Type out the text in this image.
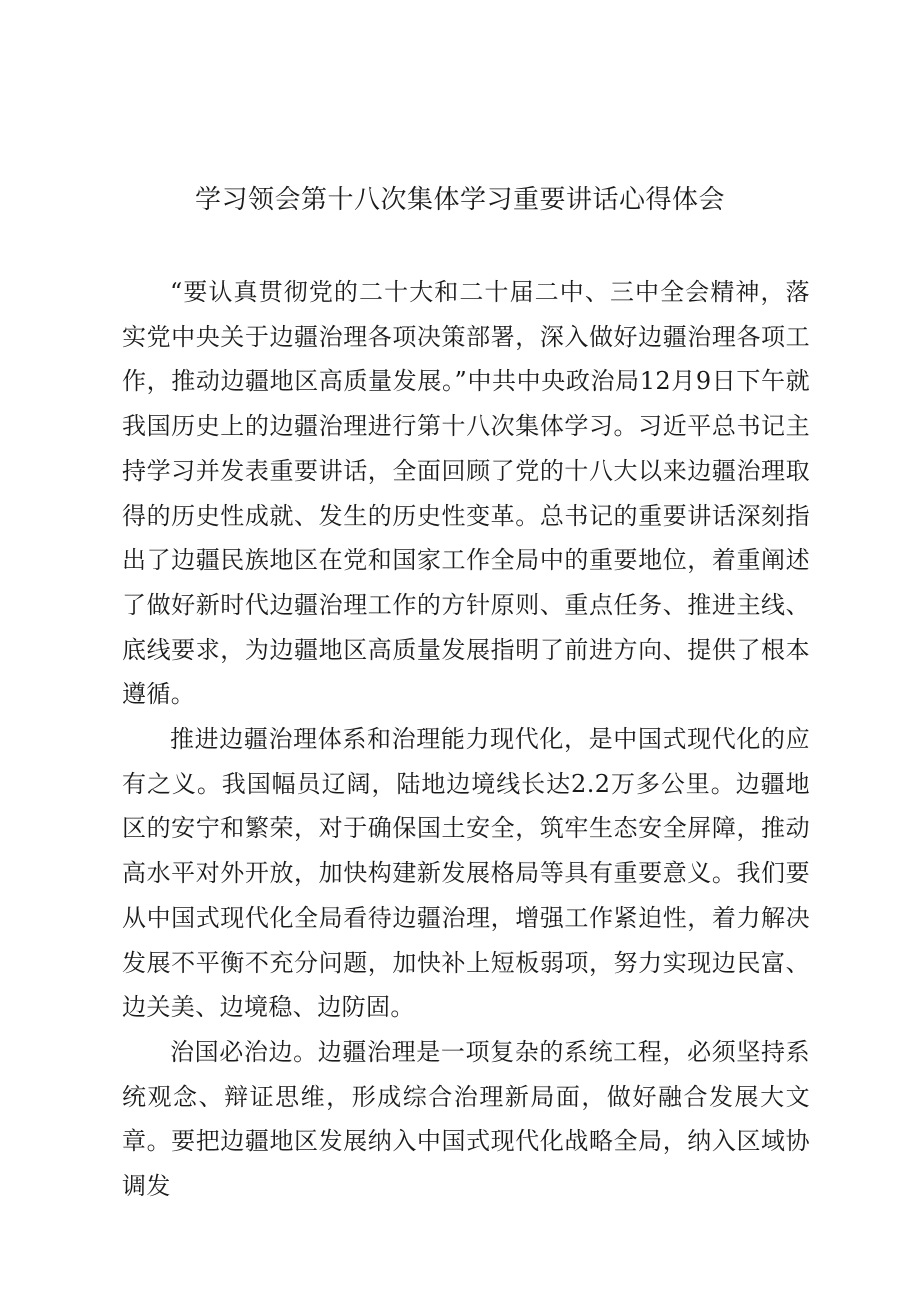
学习领会第十八次集体学习重要讲话心得体会

“要认真贯彻党的二十大和二十届二中、三中全会精神，落实党中央关于边疆治理各项决策部署，深入做好边疆治理各项工作，推动边疆地区高质量发展。”中共中央政治局12月9日下午就我国历史上的边疆治理进行第十八次集体学习。习近平总书记主持学习并发表重要讲话，全面回顾了党的十八大以来边疆治理取得的历史性成就、发生的历史性变革。总书记的重要讲话深刻指出了边疆民族地区在党和国家工作全局中的重要地位，着重阐述了做好新时代边疆治理工作的方针原则、重点任务、推进主线、底线要求，为边疆地区高质量发展指明了前进方向、提供了根本遵循。

推进边疆治理体系和治理能力现代化，是中国式现代化的应有之义。我国幅员辽阔，陆地边境线长达2.2万多公里。边疆地区的安宁和繁荣，对于确保国土安全，筑牢生态安全屏障，推动高水平对外开放，加快构建新发展格局等具有重要意义。我们要从中国式现代化全局看待边疆治理，增强工作紧迫性，着力解决发展不平衡不充分问题，加快补上短板弱项，努力实现边民富、边关美、边境稳、边防固。

治国必治边。边疆治理是一项复杂的系统工程，必须坚持系统观念、辩证思维，形成综合治理新局面，做好融合发展大文章。要把边疆地区发展纳入中国式现代化战略全局，纳入区域协调发
